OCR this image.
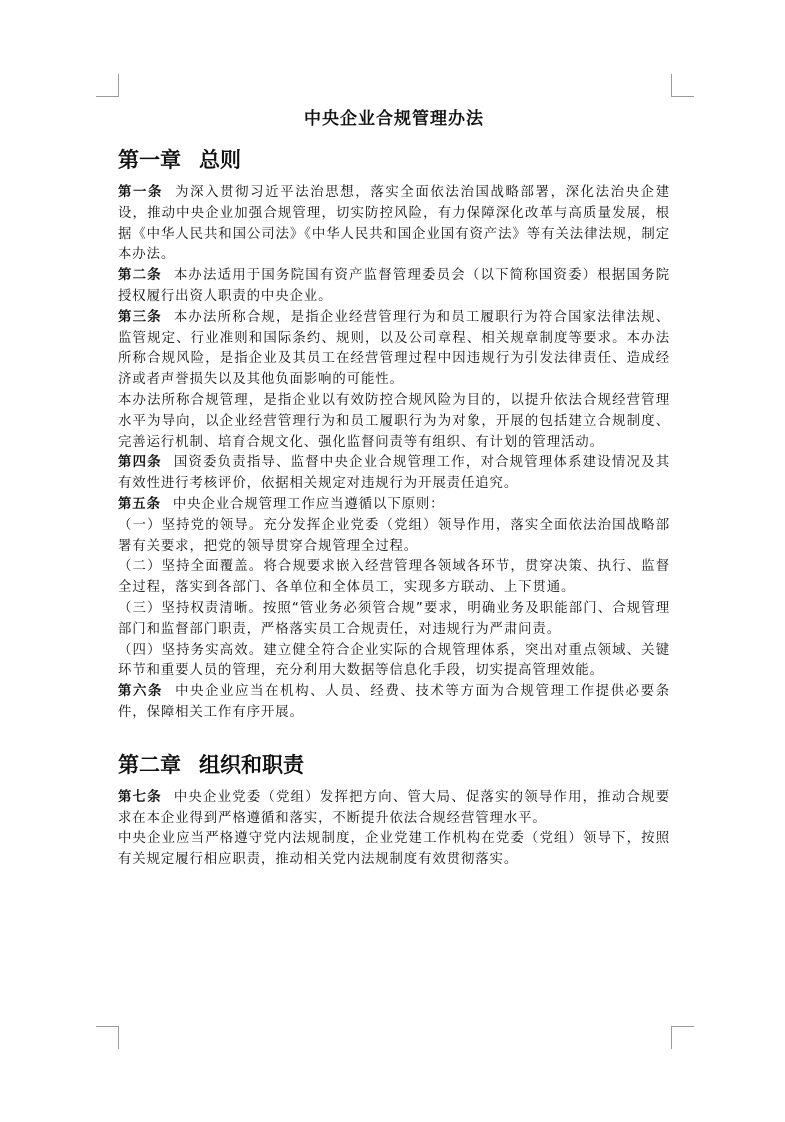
中央企业合规管理办法
第一章 总则

第一条 为深入贯彻习近平法治思想，落实全面依法治国战略部署，深化法治央企建设，推动中央企业加强合规管理，切实防控风险，有力保障深化改革与高质量发展，根据《中华人民共和国公司法》《中华人民共和国企业国有资产法》等有关法律法规，制定本办法。

第二条 本办法适用于国务院国有资产监督管理委员会（以下简称国资委）根据国务院授权履行出资人职责的中央企业。

第三条 本办法所称合规，是指企业经营管理行为和员工履职行为符合国家法律法规、监管规定、行业准则和国际条约、规则，以及公司章程、相关规章制度等要求。本办法所称合规风险，是指企业及其员工在经营管理过程中因违规行为引发法律责任、造成经济或者声誉损失以及其他负面影响的可能性。

本办法所称合规管理，是指企业以有效防控合规风险为目的，以提升依法合规经营管理水平为导向，以企业经营管理行为和员工履职行为为对象，开展的包括建立合规制度、完善运行机制、培育合规文化、强化监督问责等有组织、有计划的管理活动。

第四条 国资委负责指导、监督中央企业合规管理工作，对合规管理体系建设情况及其有效性进行考核评价，依据相关规定对违规行为开展责任追究。

第五条 中央企业合规管理工作应当遵循以下原则：

（一）坚持党的领导。充分发挥企业党委（党组）领导作用，落实全面依法治国战略部署有关要求，把党的领导贯穿合规管理全过程。

（二）坚持全面覆盖。将合规要求嵌入经营管理各领域各环节，贯穿决策、执行、监督全过程，落实到各部门、各单位和全体员工，实现多方联动、上下贯通。

（三）坚持权责清晰。按照“管业务必须管合规”要求，明确业务及职能部门、合规管理部门和监督部门职责，严格落实员工合规责任，对违规行为严肃问责。

（四）坚持务实高效。建立健全符合企业实际的合规管理体系，突出对重点领域、关键环节和重要人员的管理，充分利用大数据等信息化手段，切实提高管理效能。

第六条 中央企业应当在机构、人员、经费、技术等方面为合规管理工作提供必要条件，保障相关工作有序开展。

第二章 组织和职责

第七条 中央企业党委（党组）发挥把方向、管大局、促落实的领导作用，推动合规要求在本企业得到严格遵循和落实，不断提升依法合规经营管理水平。

中央企业应当严格遵守党内法规制度，企业党建工作机构在党委（党组）领导下，按照有关规定履行相应职责，推动相关党内法规制度有效贯彻落实。
